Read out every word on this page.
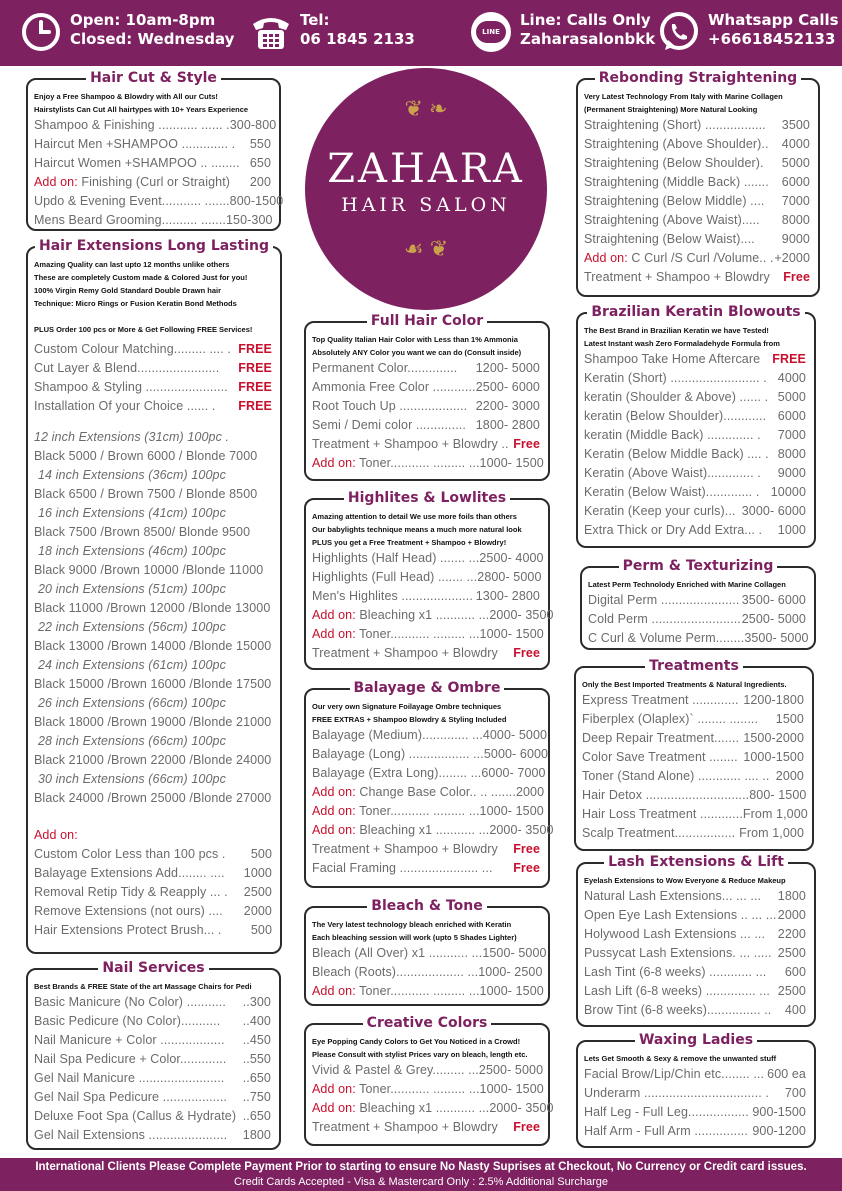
Open: 10am-8pm
Closed: Wednesday
Tel:
06 1845 2133	LINE
Line: Calls Only
Zaharasalonbkk
Whatsapp Calls
+66618452133
❦ ❧
ZAHARA
HAIR SALON
☙ ❦
Hair Cut & Style
Enjoy a Free Shampoo & Blowdry with All our Cuts!
Hairstylists Can Cut All hairtypes with 10+ Years Experience
Shampoo & Finishing ........... ...... . 300-800
Haircut Men +SHAMPOO ............. .	550
Haircut Women +SHAMPOO .. ........ 650
Add on: Finishing (Curl or Straight)	200
Updo & Evening Event........... ....... 800-1500
Mens Beard Grooming.......... ....... 150-300
Hair Extensions Long Lasting
Amazing Quality can last upto 12 months unlike others
These are completely Custom made & Colored Just for you!
100% Virgin Remy Gold Standard Double Drawn hair
Technique: Micro Rings or Fusion Keratin Bond Methods

PLUS Order 100 pcs or More & Get Following FREE Services!
Custom Colour Matching......... .... . FREE
Cut Layer & Blend.......................	FREE
Shampoo & Styling ....................... FREE
Installation Of your Choice ...... .	FREE
12 inch Extensions (31cm) 100pc .
Black 5000 / Brown 6000 / Blonde 7000
14 inch Extensions (36cm) 100pc
Black 6500 / Brown 7500 / Blonde 8500
16 inch Extensions (41cm) 100pc
Black 7500 /Brown 8500/ Blonde 9500
18 inch Extensions (46cm) 100pc
Black 9000 /Brown 10000 /Blonde 11000
20 inch Extensions (51cm) 100pc
Black 11000 /Brown 12000 /Blonde 13000
22 inch Extensions (56cm) 100pc
Black 13000 /Brown 14000 /Blonde 15000
24 inch Extensions (61cm) 100pc
Black 15000 /Brown 16000 /Blonde 17500
26 inch Extensions (66cm) 100pc
Black 18000 /Brown 19000 /Blonde 21000
28 inch Extensions (66cm) 100pc
Black 21000 /Brown 22000 /Blonde 24000
30 inch Extensions (66cm) 100pc
Black 24000 /Brown 25000 /Blonde 27000
Add on:
Custom Color Less than 100 pcs .	500
Balayage Extensions Add........ ....	1000
Removal Retip Tidy & Reapply ... .	2500
Remove Extensions (not ours) ....	2000
Hair Extensions Protect Brush... .	500
Nail Services
Best Brands & FREE State of the art Massage Chairs for Pedi
Basic Manicure (No Color) ...........	..300
Basic Pedicure (No Color)...........	..400
Nail Manicure + Color ..................	..450
Nail Spa Pedicure + Color.............	..550
Gel Nail Manicure ........................	..650
Gel Nail Spa Pedicure ..................	..750
Deluxe Foot Spa (Callus & Hydrate) ..650
Gel Nail Extensions ......................	1800
Full Hair Color
Top Quality Italian Hair Color with Less than 1% Ammonia
Absolutely ANY Color you want we can do (Consult inside)
Permanent Color..............	1200- 5000
Ammonia Free Color ............ 2500- 6000
Root Touch Up ................... 2200- 3000
Semi / Demi color .............. 1800- 2800
Treatment + Shampoo + Blowdry .. Free
Add on: Toner........... ......... ... 1000- 1500
Highlites & Lowlites
Amazing attention to detail We use more foils than others
Our babylights technique means a much more natural look
PLUS you get a Free Treatment + Shampoo + Blowdry!
Highlights (Half Head) ....... ... 2500- 4000
Highlights (Full Head) ....... ... 2800- 5000
Men's Highlites .................... 1300- 2800
Add on: Bleaching x1 ........... ... 2000- 3500
Add on: Toner........... ......... ... 1000- 1500
Treatment + Shampoo + Blowdry	Free
Balayage & Ombre
Our very own Signature Foilayage Ombre techniques
FREE EXTRAS + Shampoo Blowdry & Styling Included
Balayage (Medium)............. ... 4000- 5000
Balayage (Long) ................. ... 5000- 6000
Balayage (Extra Long)........ ... 6000- 7000
Add on: Change Base Color.. .. ....... 2000
Add on: Toner........... ......... ... 1000- 1500
Add on: Bleaching x1 ........... ... 2000- 3500
Treatment + Shampoo + Blowdry	Free
Facial Framing ...................... ...	Free
Bleach & Tone
The Very latest technology bleach enriched with Keratin
Each bleaching session will work (upto 5 Shades Lighter)
Bleach (All Over) x1 ........... ... 1500- 5000
Bleach (Roots)................... ... 1000- 2500
Add on: Toner........... ......... ... 1000- 1500
Creative Colors
Eye Popping Candy Colors to Get You Noticed in a Crowd!
Please Consult with stylist Prices vary on bleach, length etc.
Vivid & Pastel & Grey......... ... 2500- 5000
Add on: Toner........... ......... ... 1000- 1500
Add on: Bleaching x1 ........... ... 2000- 3500
Treatment + Shampoo + Blowdry	Free
Rebonding Straightening
Very Latest Technology From Italy with Marine Collagen
(Permanent Straightening) More Natural Looking
Straightening (Short) .................	3500
Straightening (Above Shoulder)..	4000
Straightening (Below Shoulder).	5000
Straightening (Middle Back) .......	6000
Straightening (Below Middle) ....	7000
Straightening (Above Waist).....	8000
Straightening (Below Waist)....	9000
Add on: C Curl /S Curl /Volume.. . +2000
Treatment + Shampoo + Blowdry	Free
Brazilian Keratin Blowouts
The Best Brand in Brazilian Keratin we have Tested!
Latest Instant wash Zero Formaladehyde Formula from
Shampoo Take Home Aftercare FREE
Keratin (Short) ......................... . 4000
keratin (Shoulder & Above) ...... . 5000
keratin (Below Shoulder)............ 6000
keratin (Middle Back) ............. .	7000
Keratin (Below Middle Back) .... . 8000
Keratin (Above Waist)............. .	9000
Keratin (Below Waist)............. . 10000
Keratin (Keep your curls)... 3000- 6000
Extra Thick or Dry Add Extra... .	1000
Perm & Texturizing
Latest Perm Technolody Enriched with Marine Collagen
Digital Perm ...................... 3500- 6000
Cold Perm ......................... 2500- 5000
C Curl & Volume Perm........ 3500- 5000
Treatments
Only the Best Imported Treatments & Natural Ingredients.
Express Treatment ............. 1200-1800
Fiberplex (Olaplex)` ........ ........	1500
Deep Repair Treatment....... 1500-2000
Color Save Treatment ........ 1000-1500
Toner (Stand Alone) ............ .... .. 2000
Hair Detox ............................. 800- 1500
Hair Loss Treatment ............ From 1,000
Scalp Treatment................. From 1,000
Lash Extensions & Lift
Eyelash Extensions to Wow Everyone & Reduce Makeup
Natural Lash Extensions... ... ...	1800
Open Eye Lash Extensions .. ... ... 2000
Holywood Lash Extensions ... ...	2200
Pussycat Lash Extensions. ... ..... 2500
Lash Tint (6-8 weeks) ............ ...	600
Lash Lift (6-8 weeks) .............. ... 2500
Brow Tint (6-8 weeks)............... ..	400
Waxing Ladies
Lets Get Smooth & Sexy & remove the unwanted stuff
Facial Brow/Lip/Chin etc........ ... 600 ea
Underarm ................................. .	700
Half Leg - Full Leg................. 900-1500
Half Arm - Full Arm ............... 900-1200
International Clients Please Complete Payment Prior to starting to ensure No Nasty Suprises at Checkout, No Currency or Credit card issues.
Credit Cards Accepted - Visa & Mastercard Only : 2.5% Additional Surcharge
